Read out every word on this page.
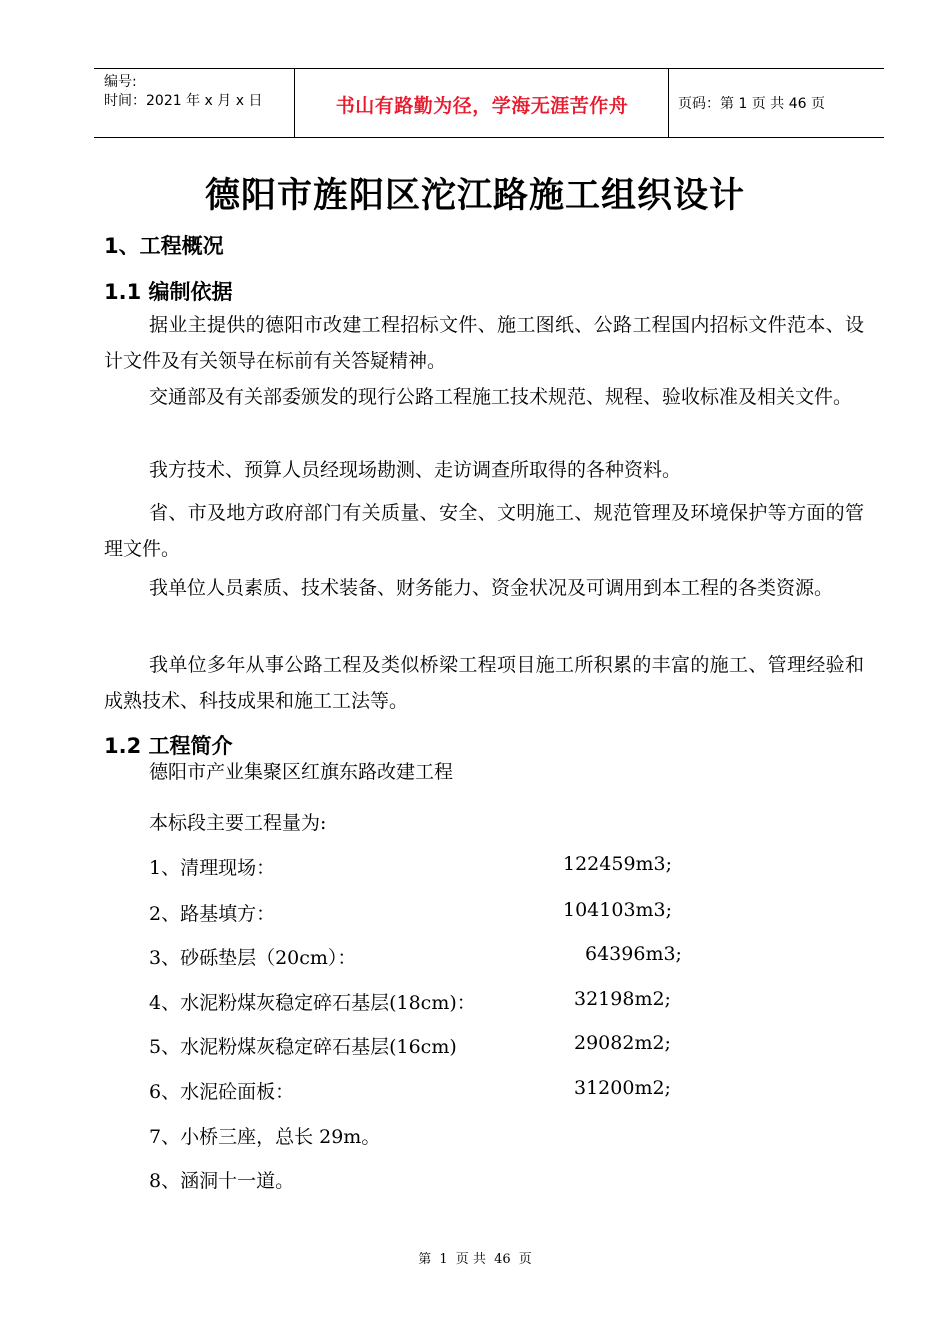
编号:
时间：2021 年 x 月 x 日	书山有路勤为径，学海无涯苦作舟	页码：第 1 页 共 46 页
德阳市旌阳区沱江路施工组织设计
1、工程概况
1.1 编制依据
据业主提供的德阳市改建工程招标文件、施工图纸、公路工程国内招标文件范本、设计文件及有关领导在标前有关答疑精神。
交通部及有关部委颁发的现行公路工程施工技术规范、规程、验收标准及相关文件。
我方技术、预算人员经现场勘测、走访调查所取得的各种资料。
省、市及地方政府部门有关质量、安全、文明施工、规范管理及环境保护等方面的管理文件。
我单位人员素质、技术装备、财务能力、资金状况及可调用到本工程的各类资源。
我单位多年从事公路工程及类似桥梁工程项目施工所积累的丰富的施工、管理经验和成熟技术、科技成果和施工工法等。
1.2 工程简介
德阳市产业集聚区红旗东路改建工程
本标段主要工程量为:
1、清理现场：	122459m3;
2、路基填方：	104103m3;
3、砂砾垫层（20cm）：	64396m3;
4、水泥粉煤灰稳定碎石基层(18cm)：	32198m2;
5、水泥粉煤灰稳定碎石基层(16cm)	29082m2;
6、水泥砼面板：	31200m2;
7、小桥三座，总长 29m。
8、涵洞十一道。
第 1 页 共 46 页
